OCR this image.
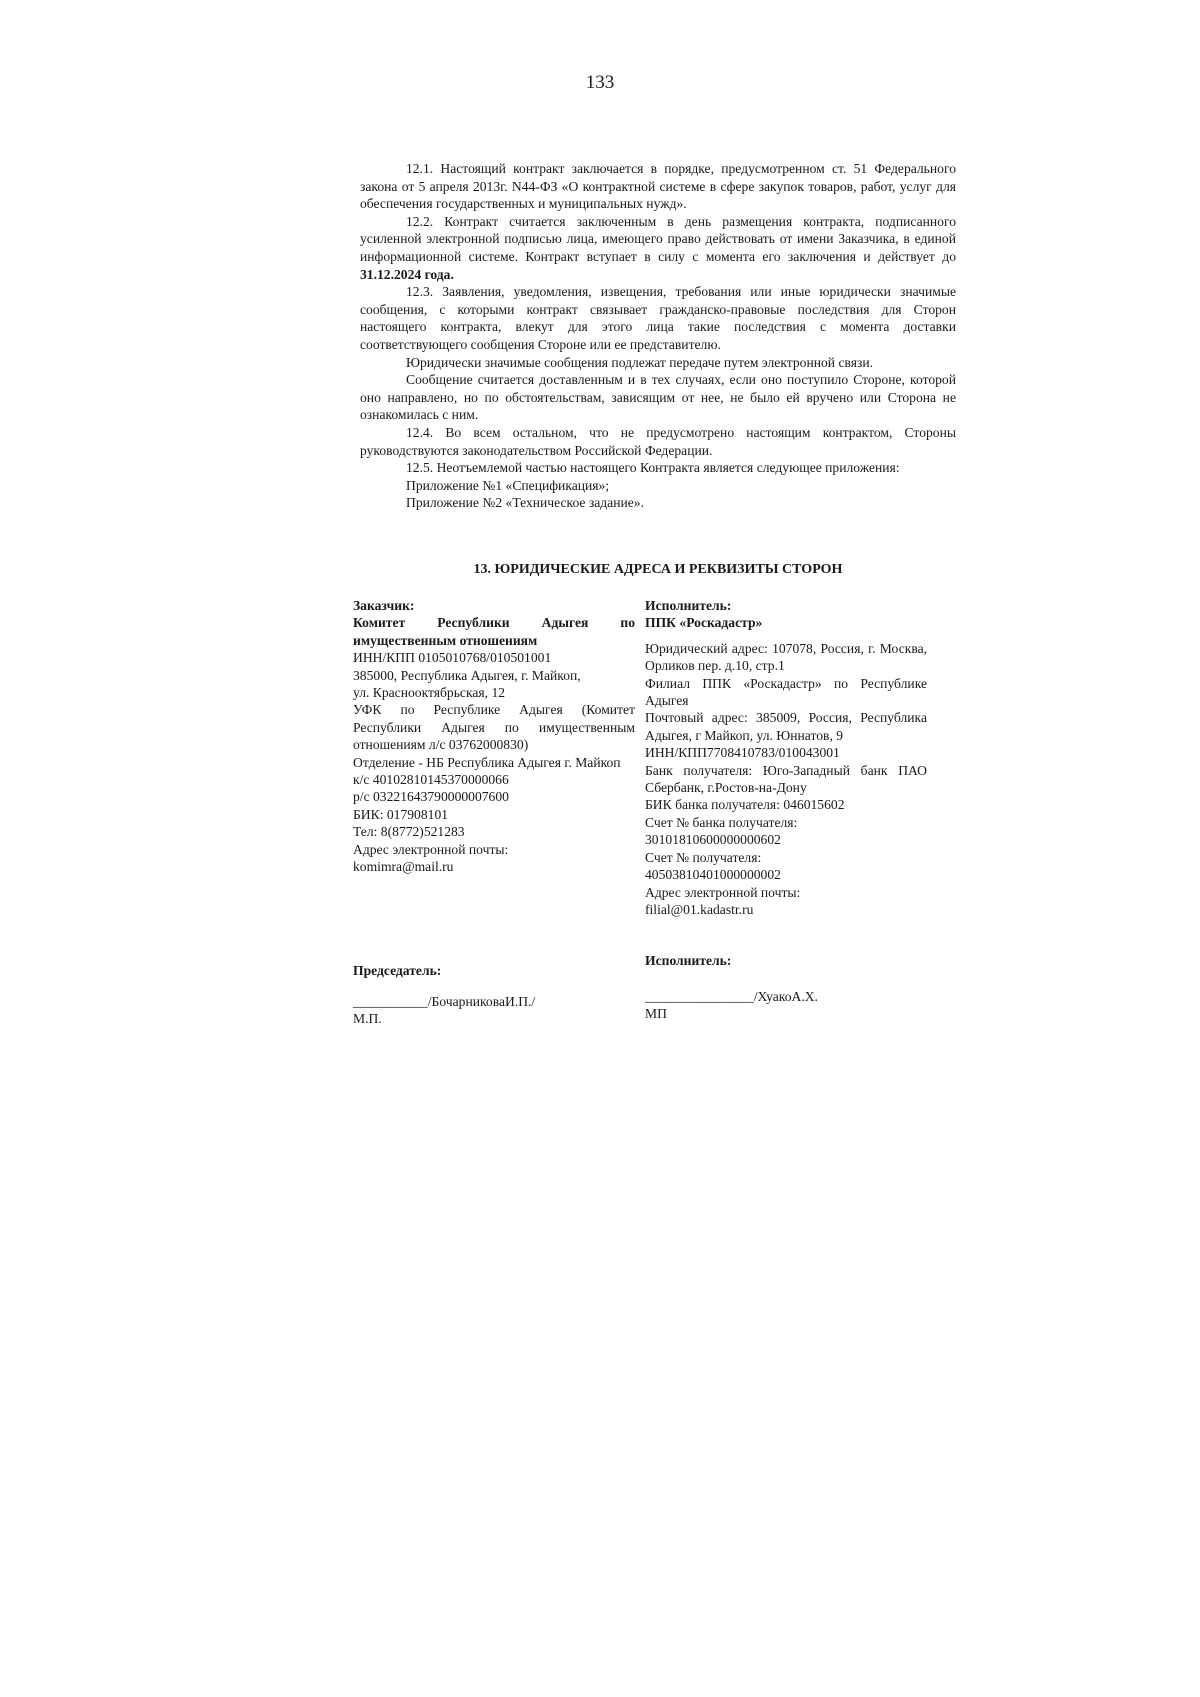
133

12.1. Настоящий контракт заключается в порядке, предусмотренном ст. 51 Федерального закона от 5 апреля 2013г. N44-ФЗ «О контрактной системе в сфере закупок товаров, работ, услуг для обеспечения государственных и муниципальных нужд».

12.2. Контракт считается заключенным в день размещения контракта, подписанного усиленной электронной подписью лица, имеющего право действовать от имени Заказчика, в единой информационной системе. Контракт вступает в силу с момента его заключения и действует до 31.12.2024 года.

12.3. Заявления, уведомления, извещения, требования или иные юридически значимые сообщения, с которыми контракт связывает гражданско-правовые последствия для Сторон настоящего контракта, влекут для этого лица такие последствия с момента доставки соответствующего сообщения Стороне или ее представителю.

Юридически значимые сообщения подлежат передаче путем электронной связи.

Сообщение считается доставленным и в тех случаях, если оно поступило Стороне, которой оно направлено, но по обстоятельствам, зависящим от нее, не было ей вручено или Сторона не ознакомилась с ним.

12.4. Во всем остальном, что не предусмотрено настоящим контрактом, Стороны руководствуются законодательством Российской Федерации.

12.5. Неотъемлемой частью настоящего Контракта является следующее приложения:

Приложение №1 «Спецификация»;

Приложение №2 «Техническое задание».

13. ЮРИДИЧЕСКИЕ АДРЕСА И РЕКВИЗИТЫ СТОРОН

Заказчик:

Комитет Республики Адыгея по имущественным отношениям

ИНН/КПП 0105010768/010501001

385000, Республика Адыгея, г. Майкоп,

ул. Краснооктябрьская, 12

УФК по Республике Адыгея (Комитет Республики Адыгея по имущественным отношениям л/с 03762000830)

Отделение - НБ Республика Адыгея г. Майкоп

к/с 40102810145370000066

р/с 03221643790000007600

БИК: 017908101

Тел: 8(8772)521283

Адрес электронной почты:

komimra@mail.ru

Исполнитель:

ППК «Роскадастр»

Юридический адрес: 107078, Россия, г. Москва, Орликов пер. д.10, стр.1

Филиал ППК «Роскадастр» по Республике Адыгея

Почтовый адрес: 385009, Россия, Республика Адыгея, г Майкоп, ул. Юннатов, 9

ИНН/КПП7708410783/010043001

Банк получателя: Юго-Западный банк ПАО Сбербанк, г.Ростов-на-Дону

БИК банка получателя: 046015602

Счет № банка получателя:

30101810600000000602

Счет № получателя:

40503810401000000002

Адрес электронной почты:

filial@01.kadastr.ru

Председатель:

Исполнитель:

___________/БочарниковаИ.П./

М.П.

________________/ХуакоА.Х.

МП
